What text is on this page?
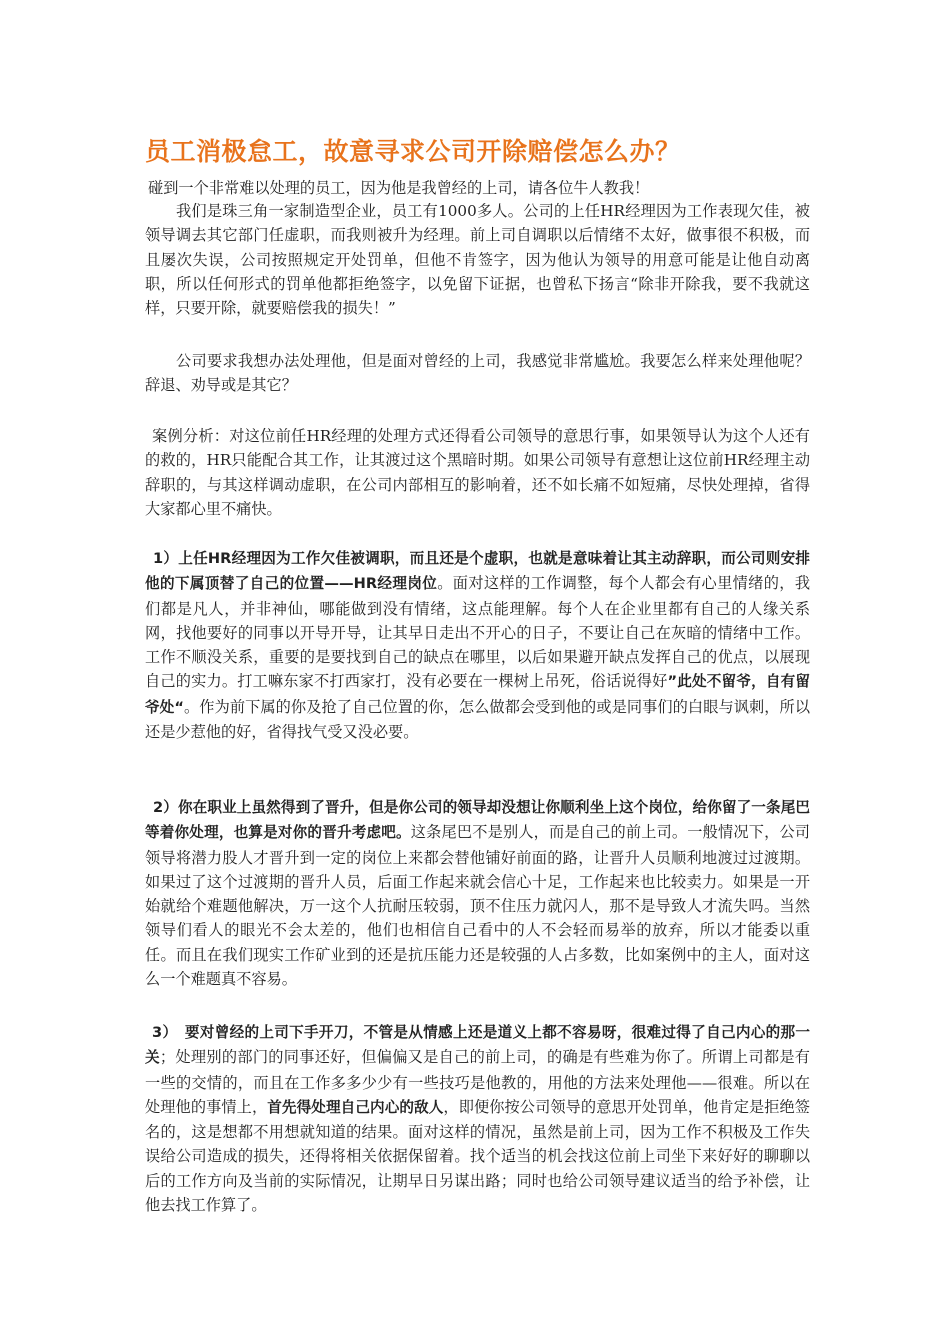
员工消极怠工，故意寻求公司开除赔偿怎么办？
碰到一个非常难以处理的员工，因为他是我曾经的上司，请各位牛人教我！
我们是珠三角一家制造型企业，员工有1000多人。公司的上任HR经理因为工作表现欠佳，被领导调去其它部门任虚职，而我则被升为经理。前上司自调职以后情绪不太好，做事很不积极，而且屡次失误，公司按照规定开处罚单，但他不肯签字，因为他认为领导的用意可能是让他自动离职，所以任何形式的罚单他都拒绝签字，以免留下证据，也曾私下扬言“除非开除我，要不我就这样，只要开除，就要赔偿我的损失！”
公司要求我想办法处理他，但是面对曾经的上司，我感觉非常尴尬。我要怎么样来处理他呢？辞退、劝导或是其它？
案例分析：对这位前任HR经理的处理方式还得看公司领导的意思行事，如果领导认为这个人还有的救的，HR只能配合其工作，让其渡过这个黑暗时期。如果公司领导有意想让这位前HR经理主动辞职的，与其这样调动虚职，在公司内部相互的影响着，还不如长痛不如短痛，尽快处理掉，省得大家都心里不痛快。
1）上任HR经理因为工作欠佳被调职，而且还是个虚职，也就是意味着让其主动辞职，而公司则安排他的下属顶替了自己的位置——HR经理岗位。面对这样的工作调整，每个人都会有心里情绪的，我们都是凡人，并非神仙，哪能做到没有情绪，这点能理解。每个人在企业里都有自己的人缘关系网，找他要好的同事以开导开导，让其早日走出不开心的日子，不要让自己在灰暗的情绪中工作。工作不顺没关系，重要的是要找到自己的缺点在哪里，以后如果避开缺点发挥自己的优点，以展现自己的实力。打工嘛东家不打西家打，没有必要在一棵树上吊死，俗话说得好”此处不留爷，自有留爷处“。作为前下属的你及抢了自己位置的你，怎么做都会受到他的或是同事们的白眼与讽刺，所以还是少惹他的好，省得找气受又没必要。
2）你在职业上虽然得到了晋升，但是你公司的领导却没想让你顺利坐上这个岗位，给你留了一条尾巴等着你处理，也算是对你的晋升考虑吧。这条尾巴不是别人，而是自己的前上司。一般情况下，公司领导将潜力股人才晋升到一定的岗位上来都会替他铺好前面的路，让晋升人员顺利地渡过过渡期。如果过了这个过渡期的晋升人员，后面工作起来就会信心十足，工作起来也比较卖力。如果是一开始就给个难题他解决，万一这个人抗耐压较弱，顶不住压力就闪人，那不是导致人才流失吗。当然领导们看人的眼光不会太差的，他们也相信自己看中的人不会轻而易举的放弃，所以才能委以重任。而且在我们现实工作矿业到的还是抗压能力还是较强的人占多数，比如案例中的主人，面对这么一个难题真不容易。
3）　要对曾经的上司下手开刀，不管是从情感上还是道义上都不容易呀，很难过得了自己内心的那一关；处理别的部门的同事还好，但偏偏又是自己的前上司，的确是有些难为你了。所谓上司都是有一些的交情的，而且在工作多多少少有一些技巧是他教的，用他的方法来处理他——很难。所以在处理他的事情上，首先得处理自己内心的敌人，即便你按公司领导的意思开处罚单，他肯定是拒绝签名的，这是想都不用想就知道的结果。面对这样的情况，虽然是前上司，因为工作不积极及工作失误给公司造成的损失，还得将相关依据保留着。找个适当的机会找这位前上司坐下来好好的聊聊以后的工作方向及当前的实际情况，让期早日另谋出路；同时也给公司领导建议适当的给予补偿，让他去找工作算了。
